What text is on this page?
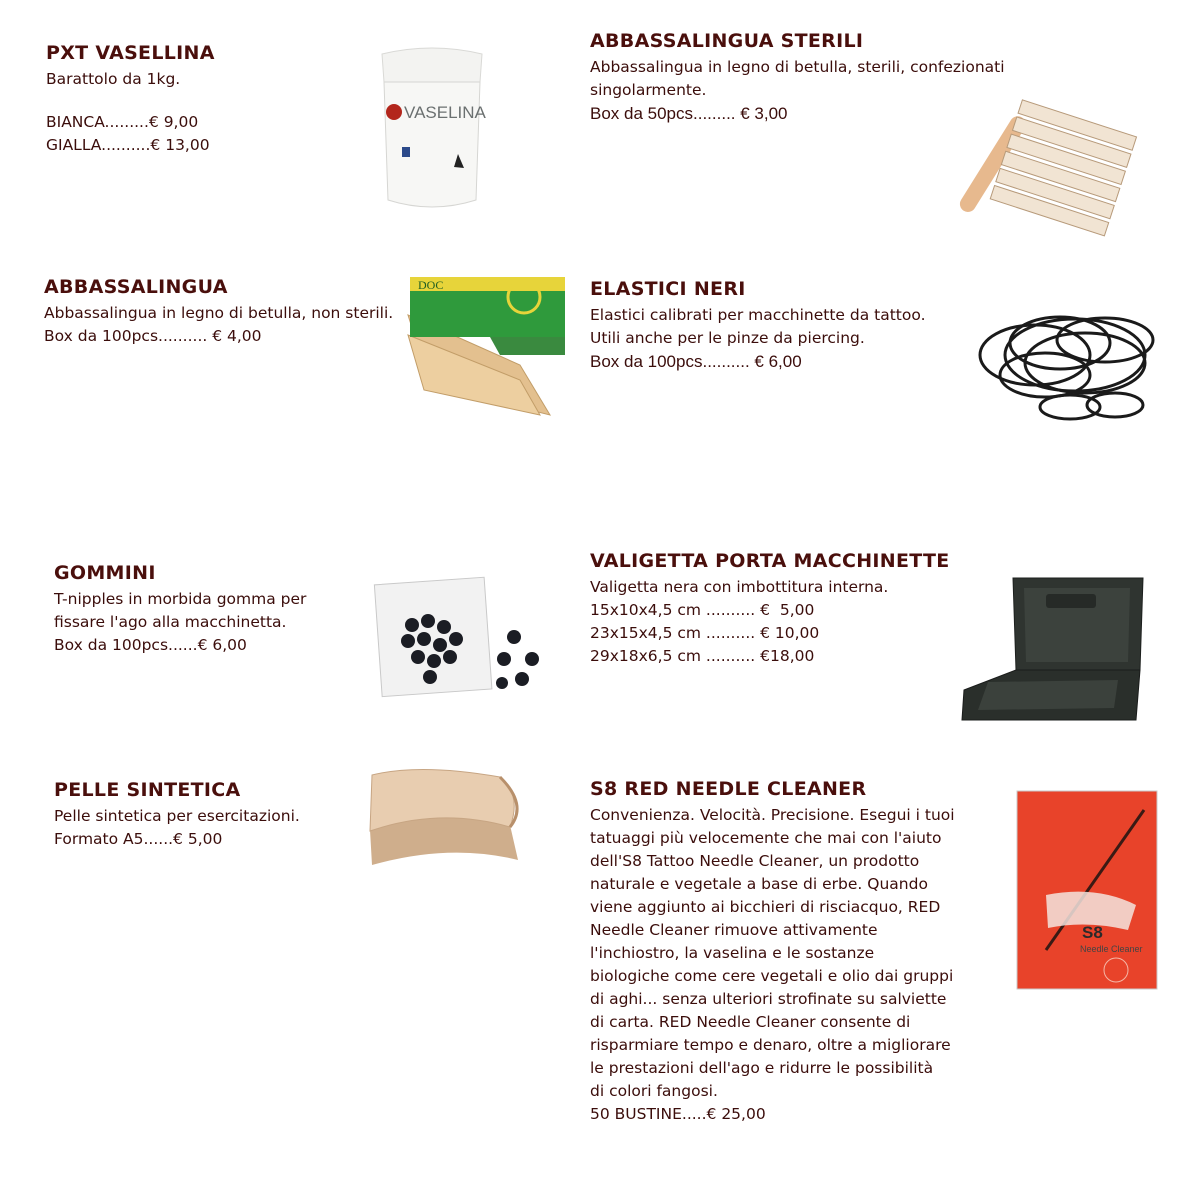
PXT VASELLINA
Barattolo da 1kg.
BIANCA.........€ 9,00
GIALLA..........€ 13,00
VASELINA
ABBASSALINGUA STERILI
Abbassalingua in legno di betulla, sterili, confezionati
singolarmente.
Box da 50pcs......... € 3,00
ABBASSALINGUA
Abbassalingua in legno di betulla, non sterili.
Box da 100pcs.......... € 4,00
DOC	ELASTICI NERI
Elastici calibrati per macchinette da tattoo.
Utili anche per le pinze da piercing.
Box da 100pcs.......... € 6,00
GOMMINI
T-nipples in morbida gomma per
fissare l'ago alla macchinetta.
Box da 100pcs......€ 6,00
VALIGETTA PORTA MACCHINETTE
Valigetta nera con imbottitura interna.
15x10x4,5 cm .......... €  5,00
23x15x4,5 cm .......... € 10,00
29x18x6,5 cm .......... €18,00
PELLE SINTETICA
Pelle sintetica per esercitazioni.
Formato A5......€ 5,00
S8 RED NEEDLE CLEANER
Convenienza. Velocità. Precisione. Esegui i tuoi
tatuaggi più velocemente che mai con l'aiuto
dell'S8 Tattoo Needle Cleaner, un prodotto
naturale e vegetale a base di erbe. Quando
viene aggiunto ai bicchieri di risciacquo, RED
Needle Cleaner rimuove attivamente
l'inchiostro, la vaselina e le sostanze
biologiche come cere vegetali e olio dai gruppi
di aghi... senza ulteriori strofinate su salviette
di carta. RED Needle Cleaner consente di
risparmiare tempo e denaro, oltre a migliorare
le prestazioni dell'ago e ridurre le possibilità
di colori fangosi.
50 BUSTINE.....€ 25,00
S8
Needle Cleaner
